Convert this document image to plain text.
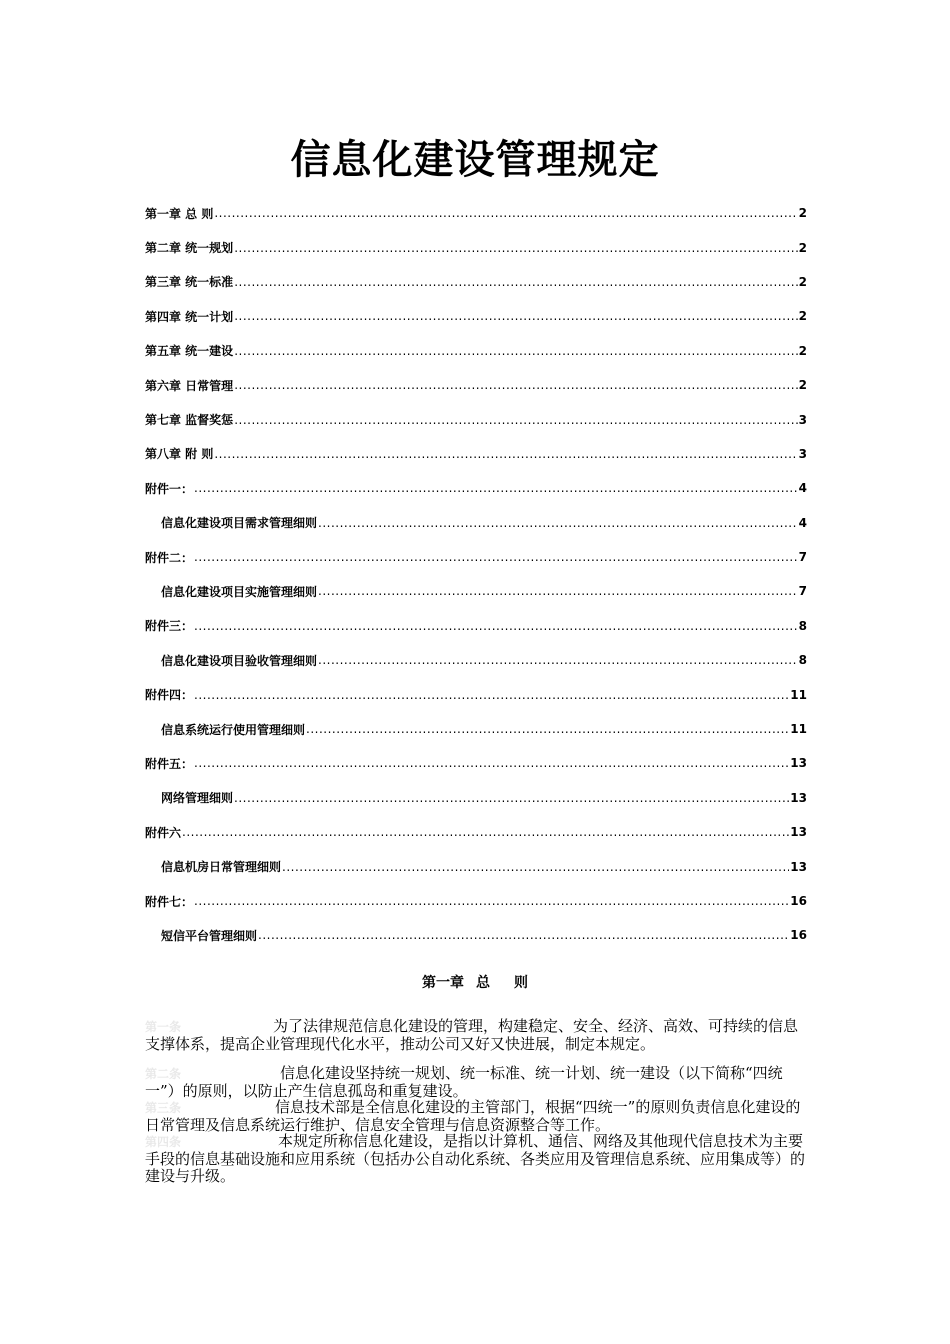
信息化建设管理规定
第一章 总 则 .....	2
第二章 统一规划 .....	2
第三章 统一标准 .....	2
第四章 统一计划 .....	2
第五章 统一建设 .....	2
第六章 日常管理 .....	2
第七章 监督奖惩 .....	3
第八章 附 则 .....	3
附件一： .....	4
信息化建设项目需求管理细则 .....	4
附件二： .....	7
信息化建设项目实施管理细则 .....	7
附件三： .....	8
信息化建设项目验收管理细则 .....	8
附件四： .....	11
信息系统运行使用管理细则 .....	11
附件五： .....	13
网络管理细则 .....	13
附件六 .....	13
信息机房日常管理细则 .....	13
附件七： .....	16
短信平台管理细则 .....	16
第一章 总 则
第一条	为了法律规范信息化建设的管理，构建稳定、安全、经济、高效、可持续的信息支撑体系，提高企业管理现代化水平，推动公司又好又快进展，制定本规定。
第二条	信息化建设坚持统一规划、统一标准、统一计划、统一建设（以下简称“四统一”）的原则，以防止产生信息孤岛和重复建设。
第三条	信息技术部是全信息化建设的主管部门，根据“四统一”的原则负责信息化建设的日常管理及信息系统运行维护、信息安全管理与信息资源整合等工作。
第四条	本规定所称信息化建设，是指以计算机、通信、网络及其他现代信息技术为主要手段的信息基础设施和应用系统（包括办公自动化系统、各类应用及管理信息系统、应用集成等）的建设与升级。
